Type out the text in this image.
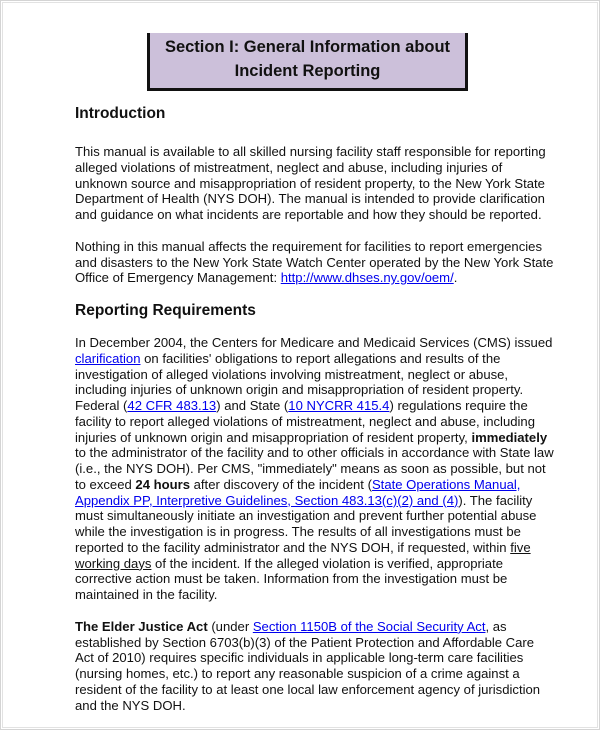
Section I: General Information about
Incident Reporting
Introduction

This manual is available to all skilled nursing facility staff responsible for reporting alleged violations of mistreatment, neglect and abuse, including injuries of unknown source and misappropriation of resident property, to the New York State Department of Health (NYS DOH). The manual is intended to provide clarification and guidance on what incidents are reportable and how they should be reported.

Nothing in this manual affects the requirement for facilities to report emergencies and disasters to the New York State Watch Center operated by the New York State Office of Emergency Management: http://www.dhses.ny.gov/oem/.

Reporting Requirements

In December 2004, the Centers for Medicare and Medicaid Services (CMS) issued clarification on facilities' obligations to report allegations and results of the investigation of alleged violations involving mistreatment, neglect or abuse, including injuries of unknown origin and misappropriation of resident property. Federal (42 CFR 483.13) and State (10 NYCRR 415.4) regulations require the facility to report alleged violations of mistreatment, neglect and abuse, including injuries of unknown origin and misappropriation of resident property, immediately to the administrator of the facility and to other officials in accordance with State law (i.e., the NYS DOH). Per CMS, "immediately" means as soon as possible, but not to exceed 24 hours after discovery of the incident (State Operations Manual, Appendix PP, Interpretive Guidelines, Section 483.13(c)(2) and (4)). The facility must simultaneously initiate an investigation and prevent further potential abuse while the investigation is in progress. The results of all investigations must be reported to the facility administrator and the NYS DOH, if requested, within five working days of the incident. If the alleged violation is verified, appropriate corrective action must be taken. Information from the investigation must be maintained in the facility.

The Elder Justice Act (under Section 1150B of the Social Security Act, as established by Section 6703(b)(3) of the Patient Protection and Affordable Care Act of 2010) requires specific individuals in applicable long-term care facilities (nursing homes, etc.) to report any reasonable suspicion of a crime against a resident of the facility to at least one local law enforcement agency of jurisdiction and the NYS DOH.
